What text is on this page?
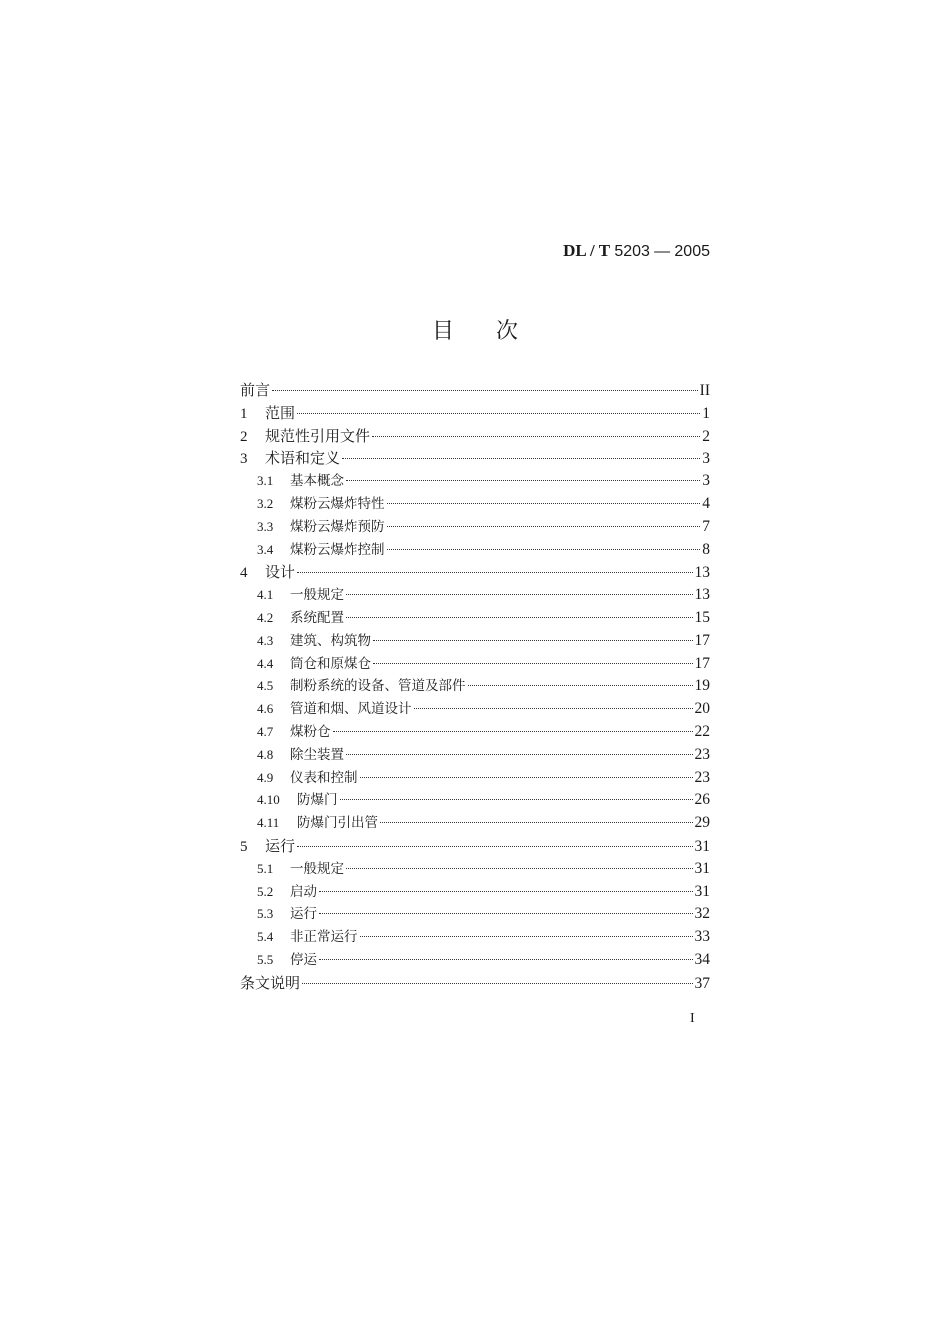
DL / T 5203 — 2005
目 次
前言	II
1	范围	1
2	规范性引用文件	2
3	术语和定义	3
3.1	基本概念	3
3.2	煤粉云爆炸特性	4
3.3	煤粉云爆炸预防	7
3.4	煤粉云爆炸控制	8
4	设计	13
4.1	一般规定	13
4.2	系统配置	15
4.3	建筑、构筑物	17
4.4	筒仓和原煤仓	17
4.5	制粉系统的设备、管道及部件	19
4.6	管道和烟、风道设计	20
4.7	煤粉仓	22
4.8	除尘装置	23
4.9	仪表和控制	23
4.10	防爆门	26
4.11	防爆门引出管	29
5	运行	31
5.1	一般规定	31
5.2	启动	31
5.3	运行	32
5.4	非正常运行	33
5.5	停运	34
条文说明	37
I
